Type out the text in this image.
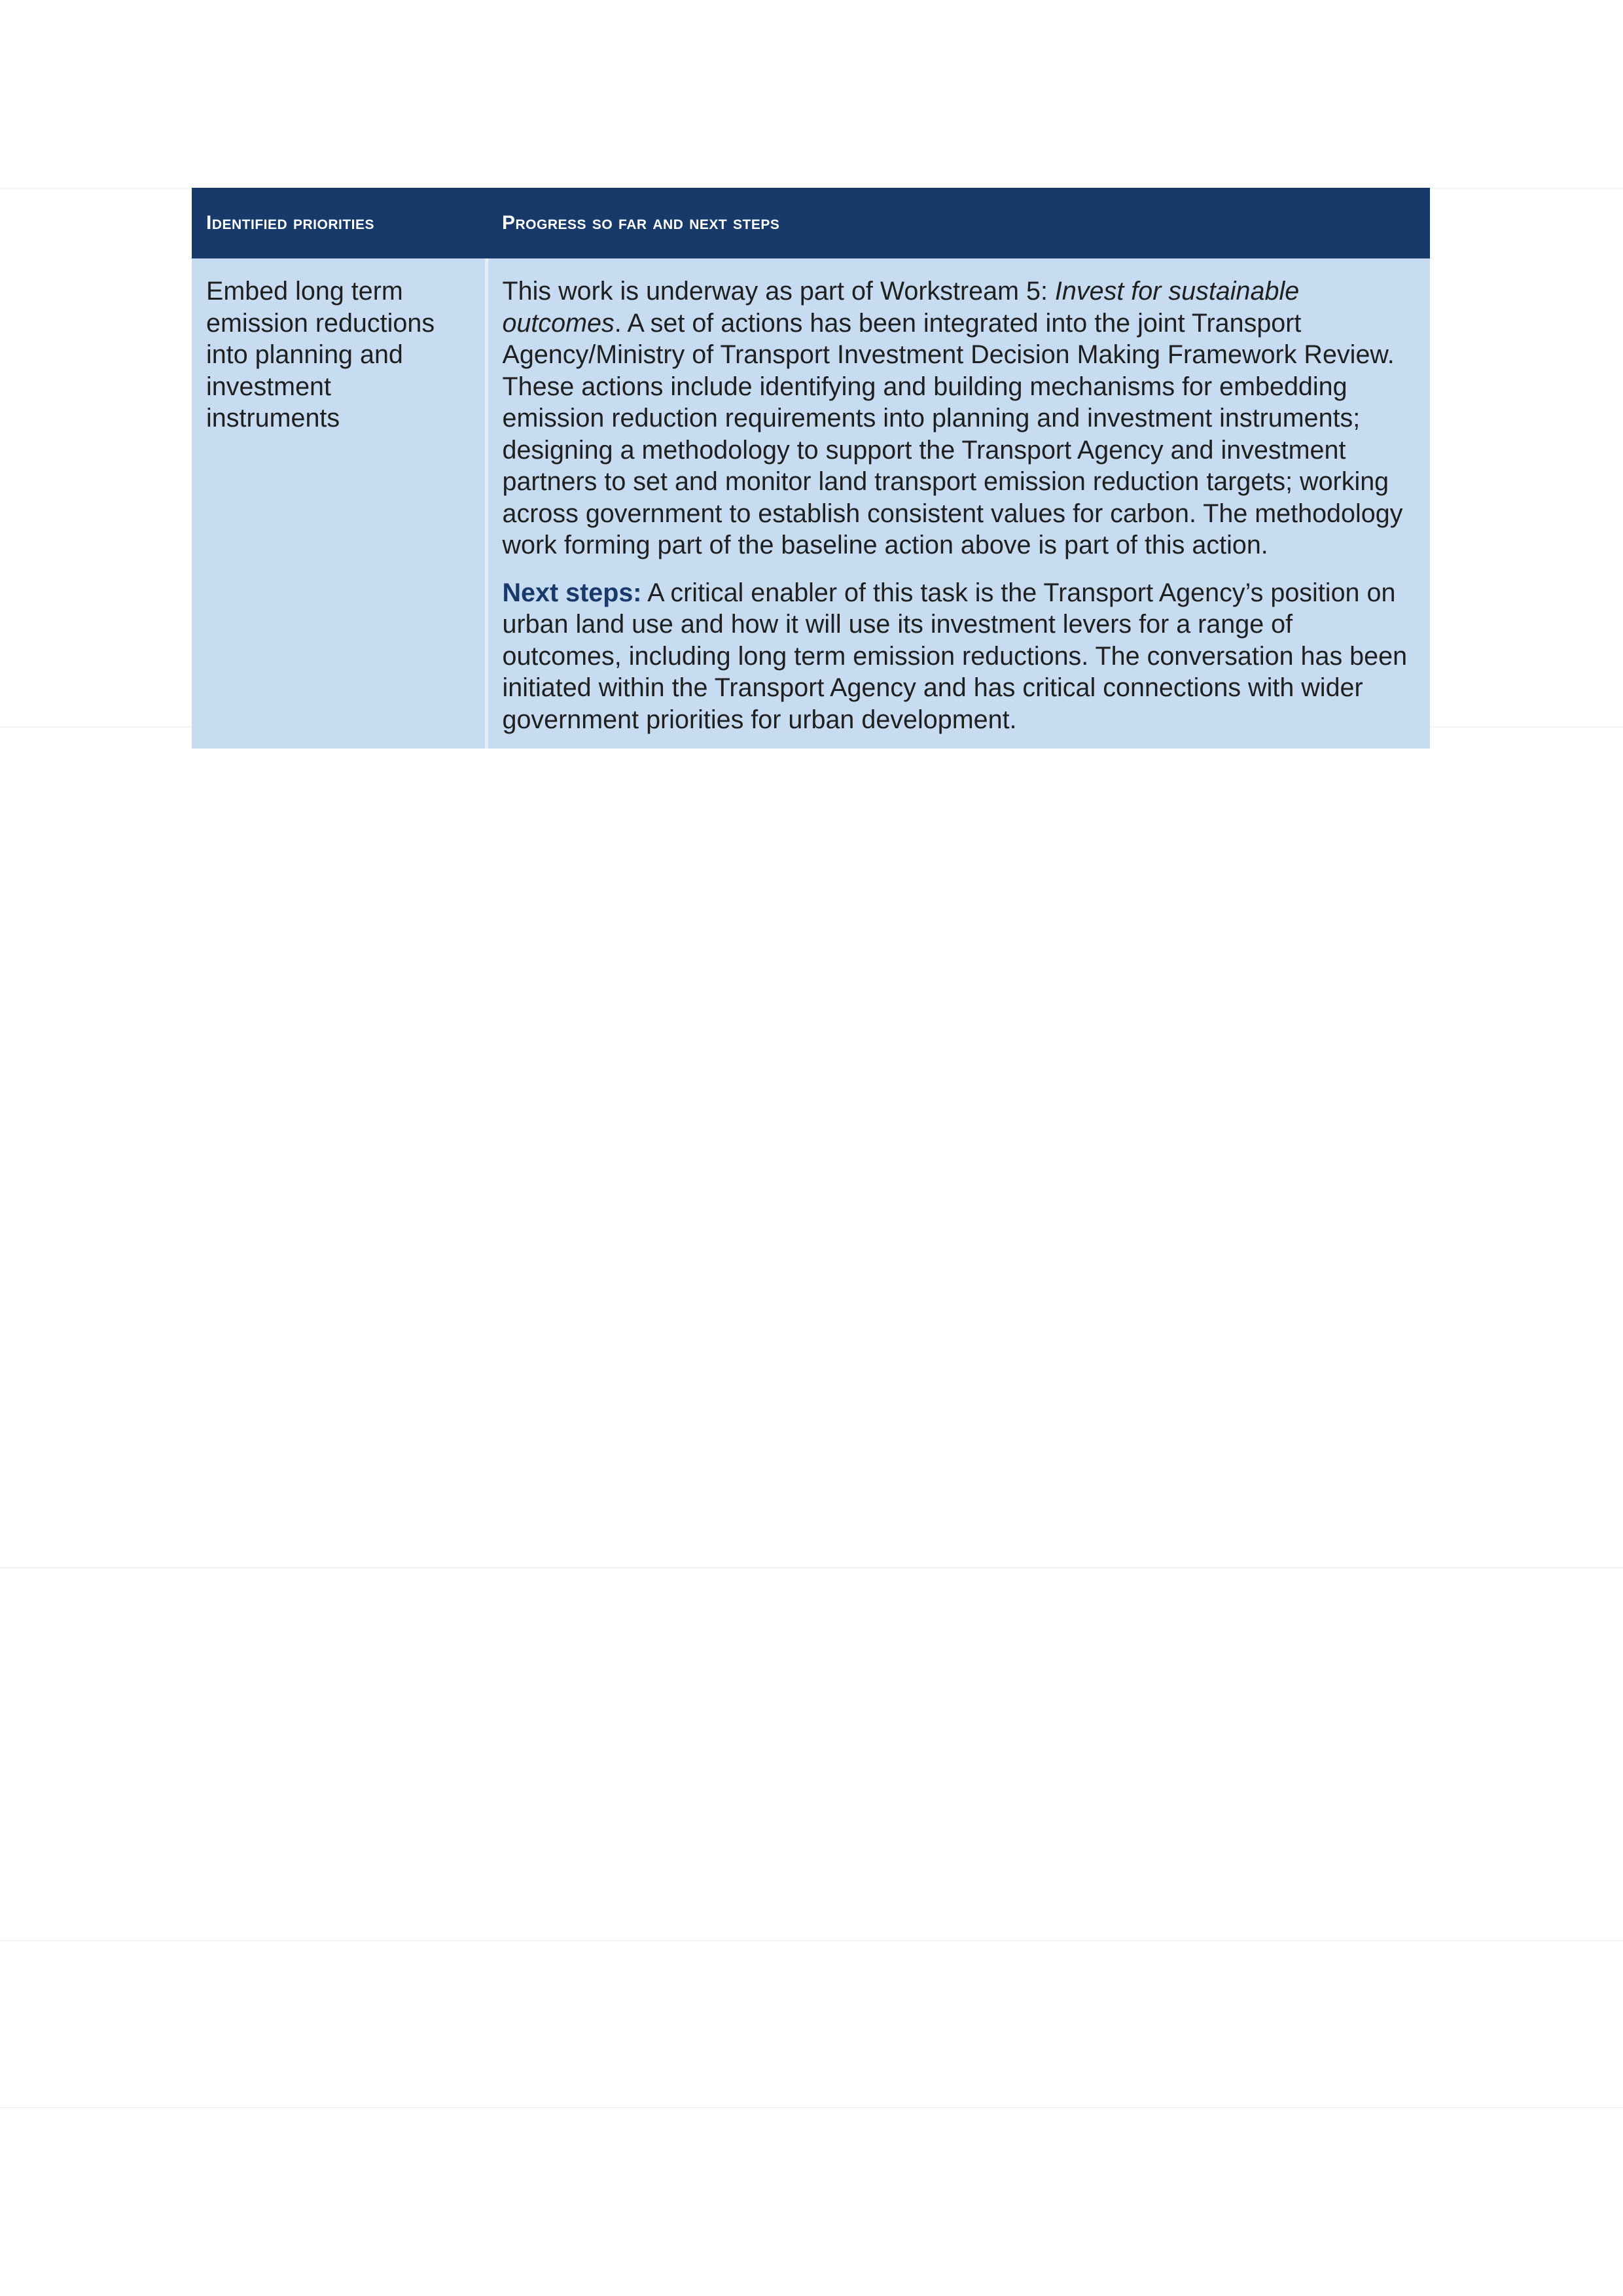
Identified priorities	Progress so far and next steps
Embed long term emission reductions into planning and investment instruments	This work is underway as part of Workstream 5: Invest for sustainable outcomes. A set of actions has been integrated into the joint Transport Agency/Ministry of Transport Investment Decision Making Framework Review. These actions include identifying and building mechanisms for embedding emission reduction requirements into planning and investment instruments; designing a methodology to support the Transport Agency and investment partners to set and monitor land transport emission reduction targets; working across government to establish consistent values for carbon. The methodology work forming part of the baseline action above is part of this action.

Next steps: A critical enabler of this task is the Transport Agency’s position on urban land use and how it will use its investment levers for a range of outcomes, including long term emission reductions. The conversation has been initiated within the Transport Agency and has critical connections with wider government priorities for urban development.
